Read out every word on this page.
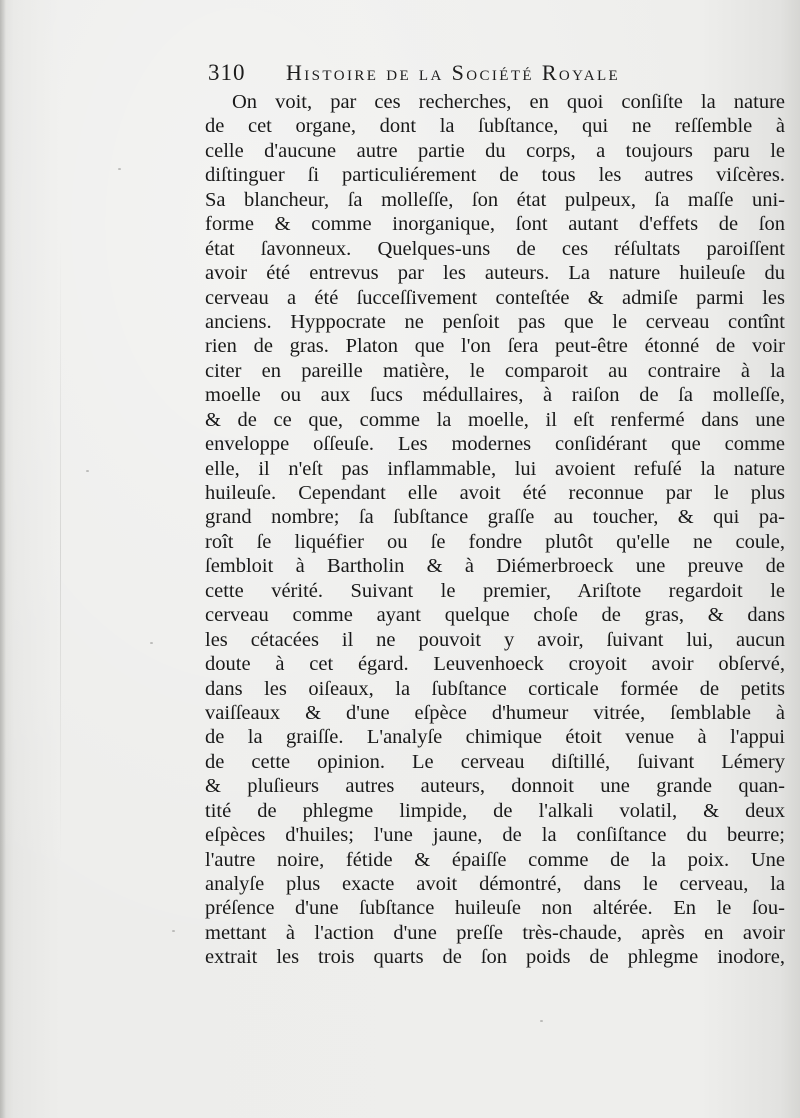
310 Histoire de la Société Royale
On voit, par ces recherches, en quoi conſiſte la nature
de cet organe, dont la ſubſtance, qui ne reſſemble à
celle d'aucune autre partie du corps, a toujours paru le
diſtinguer ſi particuliérement de tous les autres viſcères.
Sa blancheur, ſa molleſſe, ſon état pulpeux, ſa maſſe uni-
forme & comme inorganique, ſont autant d'effets de ſon
état ſavonneux. Quelques-uns de ces réſultats paroiſſent
avoir été entrevus par les auteurs. La nature huileuſe du
cerveau a été ſucceſſivement conteſtée & admiſe parmi les
anciens. Hyppocrate ne penſoit pas que le cerveau contînt
rien de gras. Platon que l'on ſera peut-être étonné de voir
citer en pareille matière, le comparoit au contraire à la
moelle ou aux ſucs médullaires, à raiſon de ſa molleſſe,
& de ce que, comme la moelle, il eſt renfermé dans une
enveloppe oſſeuſe. Les modernes conſidérant que comme
elle, il n'eſt pas inflammable, lui avoient refuſé la nature
huileuſe. Cependant elle avoit été reconnue par le plus
grand nombre; ſa ſubſtance graſſe au toucher, & qui pa-
roît ſe liquéfier ou ſe fondre plutôt qu'elle ne coule,
ſembloit à Bartholin & à Diémerbroeck une preuve de
cette vérité. Suivant le premier, Ariſtote regardoit le
cerveau comme ayant quelque choſe de gras, & dans
les cétacées il ne pouvoit y avoir, ſuivant lui, aucun
doute à cet égard. Leuvenhoeck croyoit avoir obſervé,
dans les oiſeaux, la ſubſtance corticale formée de petits
vaiſſeaux & d'une eſpèce d'humeur vitrée, ſemblable à
de la graiſſe. L'analyſe chimique étoit venue à l'appui
de cette opinion. Le cerveau diſtillé, ſuivant Lémery
& pluſieurs autres auteurs, donnoit une grande quan-
tité de phlegme limpide, de l'alkali volatil, & deux
eſpèces d'huiles; l'une jaune, de la conſiſtance du beurre;
l'autre noire, fétide & épaiſſe comme de la poix. Une
analyſe plus exacte avoit démontré, dans le cerveau, la
préſence d'une ſubſtance huileuſe non altérée. En le ſou-
mettant à l'action d'une preſſe très-chaude, après en avoir
extrait les trois quarts de ſon poids de phlegme inodore,
